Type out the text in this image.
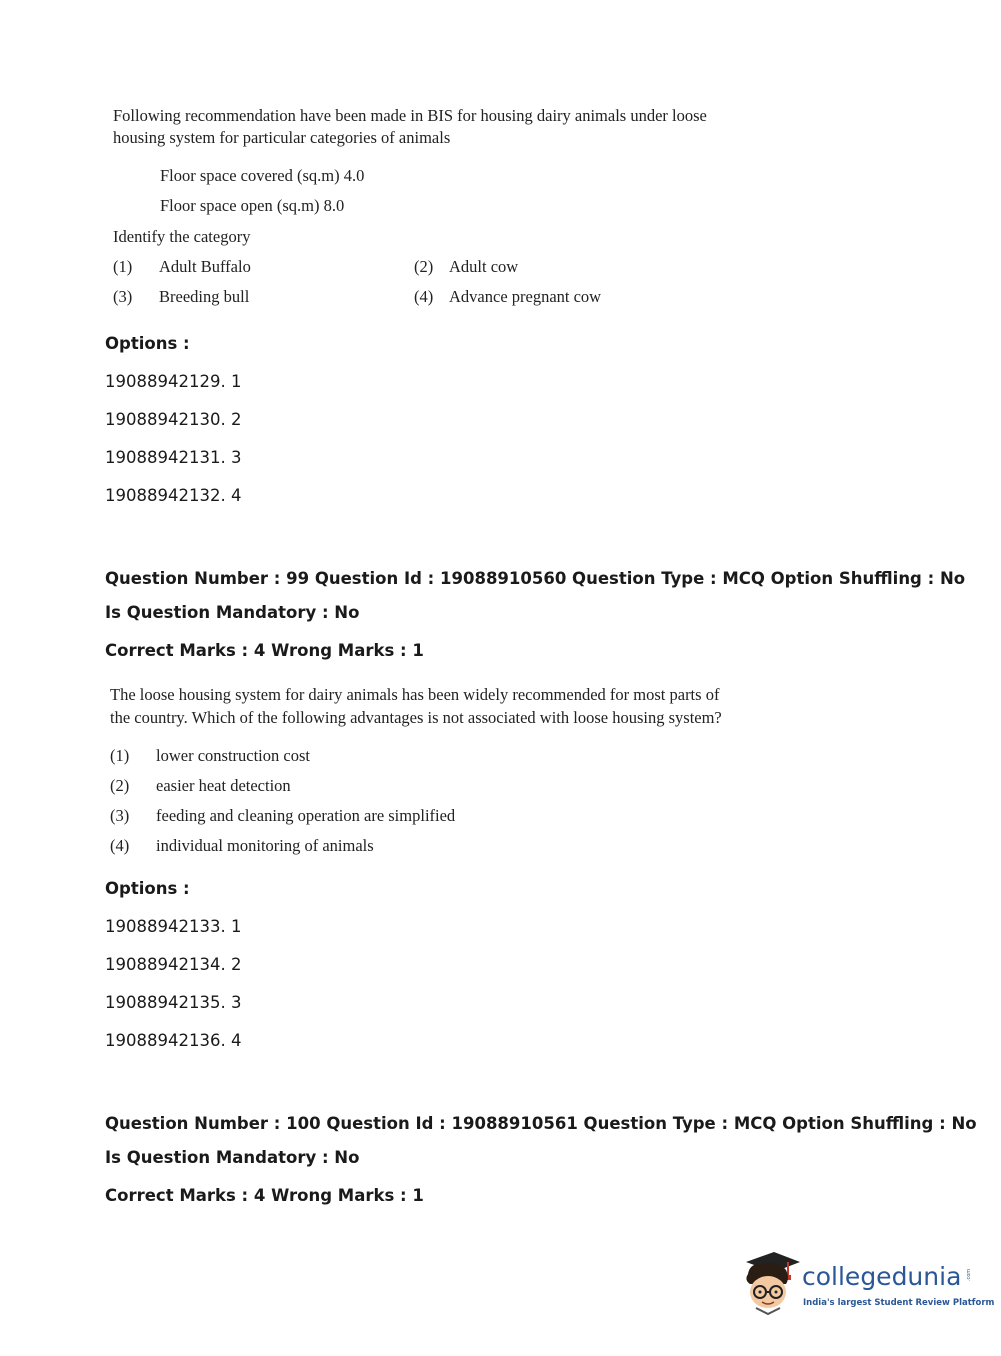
Following recommendation have been made in BIS for housing dairy animals under loose
housing system for particular categories of animals
Floor space covered (sq.m) 4.0
Floor space open (sq.m) 8.0
Identify the category
(1) Adult Buffalo	(2) Adult cow
(3) Breeding bull	(4) Advance pregnant cow
Options :
19088942129. 1
19088942130. 2
19088942131. 3
19088942132. 4
Question Number : 99 Question Id : 19088910560 Question Type : MCQ Option Shuffling : No
Is Question Mandatory : No
Correct Marks : 4 Wrong Marks : 1
The loose housing system for dairy animals has been widely recommended for most parts of
the country. Which of the following advantages is not associated with loose housing system?
(1) lower construction cost
(2) easier heat detection
(3) feeding and cleaning operation are simplified
(4) individual monitoring of animals
Options :
19088942133. 1
19088942134. 2
19088942135. 3
19088942136. 4
Question Number : 100 Question Id : 19088910561 Question Type : MCQ Option Shuffling : No
Is Question Mandatory : No
Correct Marks : 4 Wrong Marks : 1
collegedunia .com
India's largest Student Review Platform
